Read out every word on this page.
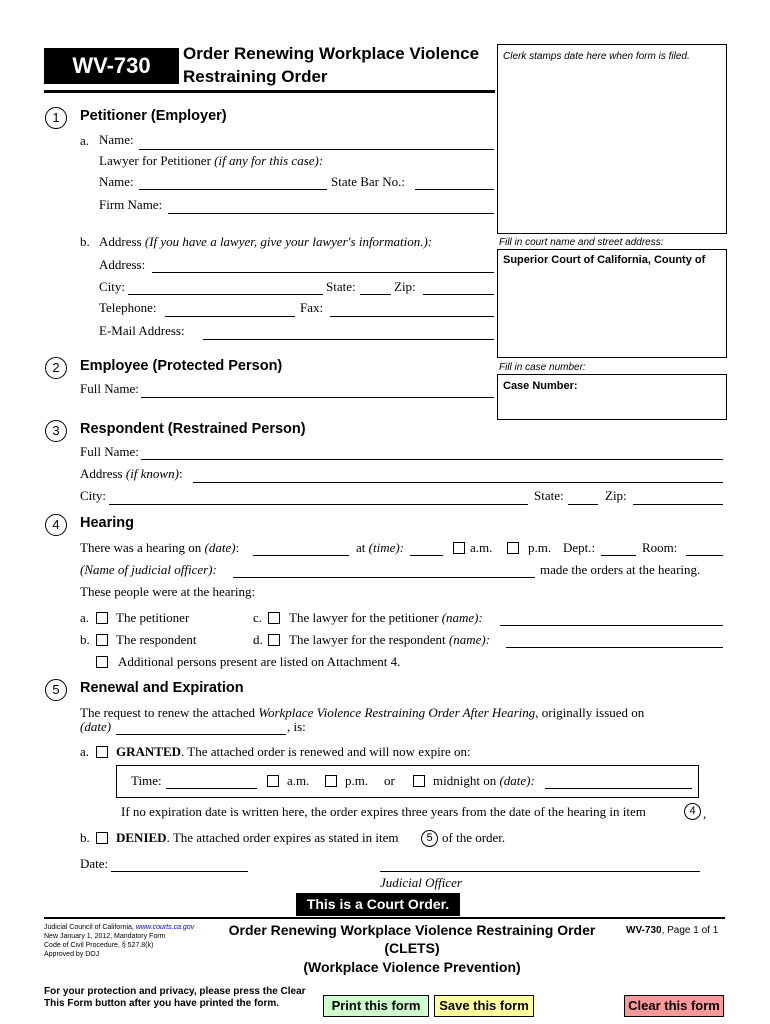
WV-730	Order Renewing Workplace Violence
Restraining Order
Clerk stamps date here when form is filed.
Fill in court name and street address:
Superior Court of California, County of
Fill in case number:
Case Number:
1	Petitioner (Employer)
a. Name:
Lawyer for Petitioner (if any for this case):
Name:	State Bar No.:
Firm Name:
b. Address (If you have a lawyer, give your lawyer's information.):
Address:
City:	State:	Zip:
Telephone:	Fax:
E-Mail Address:
2	Employee (Protected Person)
Full Name:
3	Respondent (Restrained Person)
Full Name:
Address (if known):
City:	State:	Zip:
4	Hearing
There was a hearing on (date):	at (time):	a.m.	p.m. Dept.:	Room:
(Name of judicial officer):	made the orders at the hearing.
These people were at the hearing:
a. The petitioner	c. The lawyer for the petitioner (name):
b. The respondent	d. The lawyer for the respondent (name):
Additional persons present are listed on Attachment 4.
5	Renewal and Expiration
The request to renew the attached Workplace Violence Restraining Order After Hearing, originally issued on
(date)	, is:
a. GRANTED. The attached order is renewed and will now expire on:
Time:	a.m.	p.m. or	midnight on (date):
If no expiration date is written here, the order expires three years from the date of the hearing in item	4 ,
b. DENIED. The attached order expires as stated in item	5 of the order.
Date:
Judicial Officer
This is a Court Order.
Judicial Council of California, www.courts.ca.gov
New January 1, 2012, Mandatory Form
Code of Civil Procedure, § 527.8(k)
Approved by DOJ
Order Renewing Workplace Violence Restraining Order
(CLETS)
(Workplace Violence Prevention)
WV-730, Page 1 of 1
For your protection and privacy, please press the Clear
This Form button after you have printed the form.	Print this form	Save this form	Clear this form
